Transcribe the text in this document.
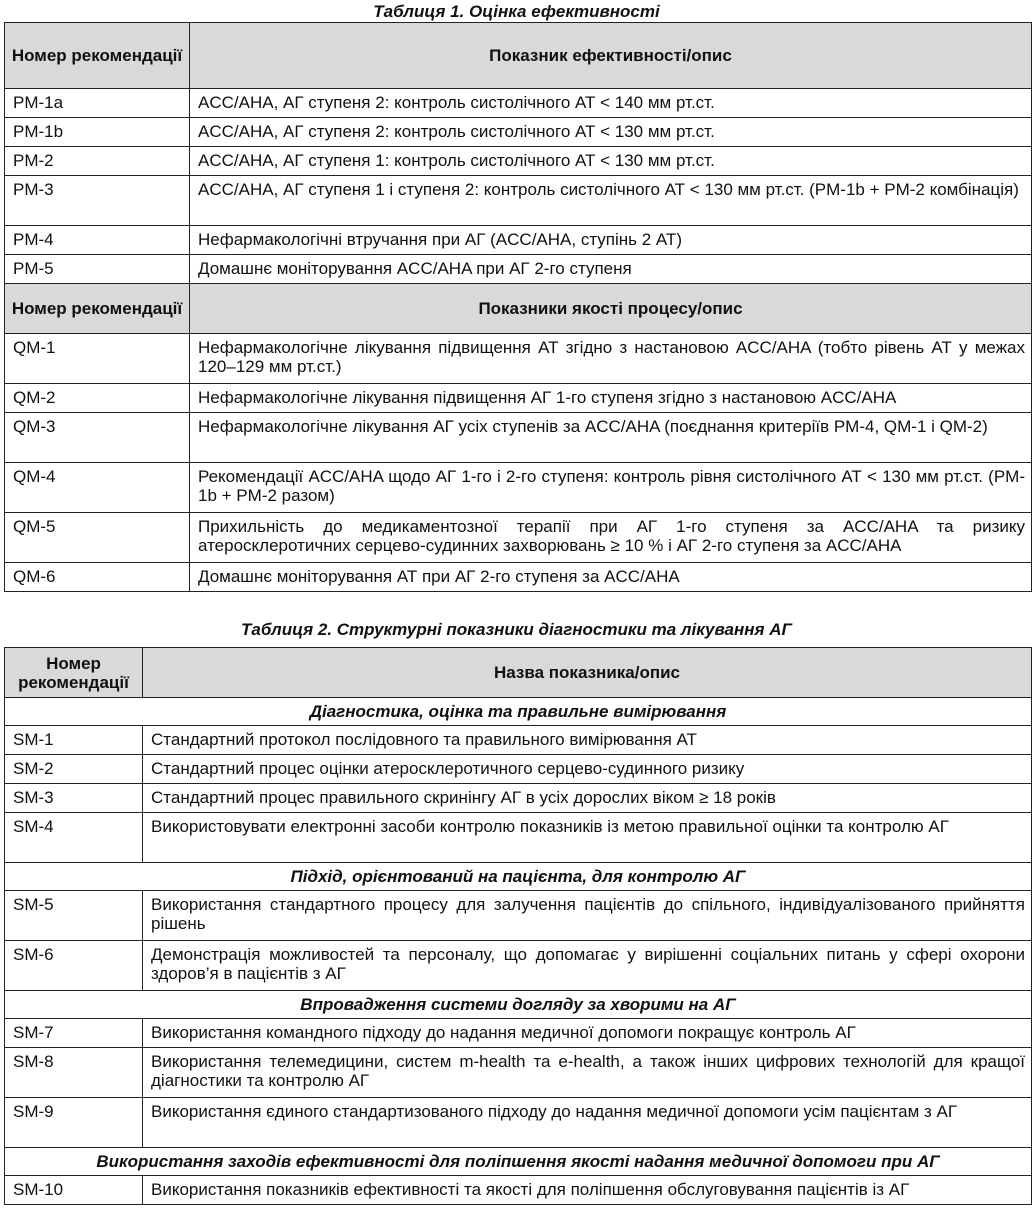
Таблиця 1. Оцінка ефективності
Номер рекомендації	Показник ефективності/опис
PM-1a	ACC/AHA, АГ ступеня 2: контроль систолічного АТ < 140 мм рт.ст.
PM-1b	ACC/AHA, АГ ступеня 2: контроль систолічного АТ < 130 мм рт.ст.
PM-2	ACC/AHA, АГ ступеня 1: контроль систолічного АТ < 130 мм рт.ст.
PM-3	ACC/AHA, АГ ступеня 1 і ступеня 2: контроль систолічного АТ < 130 мм рт.ст. (PM-1b + PM-2 комбінація)
PM-4	Нефармакологічні втручання при АГ (ACC/AHA, ступінь 2 АТ)
PM-5	Домашнє моніторування ACC/AHA при АГ 2-го ступеня
Номер рекомендації	Показники якості процесу/опис
QM-1	Нефармакологічне лікування підвищення АТ згідно з настановою ACC/AHA (тобто рівень АТ у межах 120–129 мм рт.ст.)
QM-2	Нефармакологічне лікування підвищення АГ 1-го ступеня згідно з настановою ACC/AHA
QM-3	Нефармакологічне лікування АГ усіх ступенів за ACC/AHA (поєднання критеріїв PM-4, QM-1 і QM-2)
QM-4	Рекомендації ACC/AHA щодо АГ 1-го і 2-го ступеня: контроль рівня систолічного АТ < 130 мм рт.ст. (PM-1b + PM-2 разом)
QM-5	Прихильність до медикаментозної терапії при АГ 1-го ступеня за ACC/AHA та ризику атеросклеротичних серцево-судинних захворювань ≥ 10 % і АГ 2-го ступеня за ACC/AHA
QM-6	Домашнє моніторування АТ при АГ 2-го ступеня за ACC/AHA
Таблиця 2. Структурні показники діагностики та лікування АГ
Номер рекомендації	Назва показника/опис
Діагностика, оцінка та правильне вимірювання	
SM-1	Стандартний протокол послідовного та правильного вимірювання АТ
SM-2	Стандартний процес оцінки атеросклеротичного серцево-судинного ризику
SM-3	Стандартний процес правильного скринінгу АГ в усіх дорослих віком ≥ 18 років
SM-4	Використовувати електронні засоби контролю показників із метою правильної оцінки та контролю АГ
Підхід, орієнтований на пацієнта, для контролю АГ	
SM-5	Використання стандартного процесу для залучення пацієнтів до спільного, індивідуалізованого прийняття рішень
SM-6	Демонстрація можливостей та персоналу, що допомагає у вирішенні соціальних питань у сфері охорони здоров’я в пацієнтів з АГ
Впровадження системи догляду за хворими на АГ	
SM-7	Використання командного підходу до надання медичної допомоги покращує контроль АГ
SM-8	Використання телемедицини, систем m-health та e-health, а також інших цифрових технологій для кращої діагностики та контролю АГ
SM-9	Використання єдиного стандартизованого підходу до надання медичної допомоги усім пацієнтам з АГ
Використання заходів ефективності для поліпшення якості надання медичної допомоги при АГ	
SM-10	Використання показників ефективності та якості для поліпшення обслуговування пацієнтів із АГ
